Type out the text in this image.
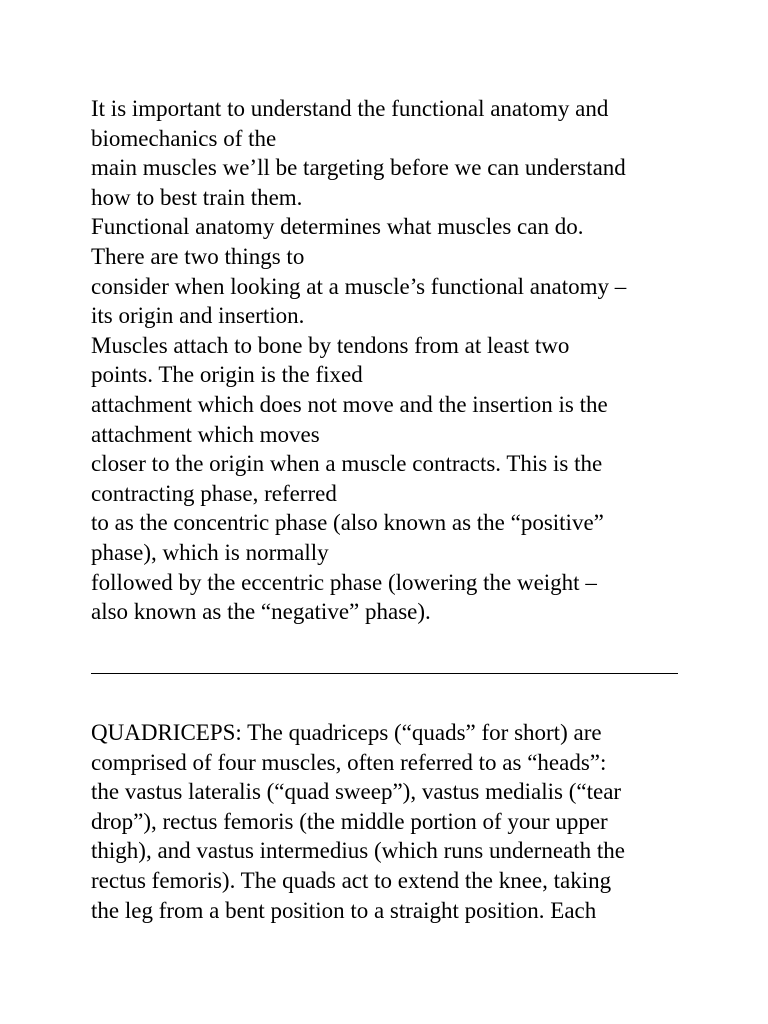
It is important to understand the functional anatomy and
biomechanics of the
main muscles we’ll be targeting before we can understand
how to best train them.
Functional anatomy determines what muscles can do.
There are two things to
consider when looking at a muscle’s functional anatomy –
its origin and insertion.
Muscles attach to bone by tendons from at least two
points. The origin is the fixed
attachment which does not move and the insertion is the
attachment which moves
closer to the origin when a muscle contracts. This is the
contracting phase, referred
to as the concentric phase (also known as the “positive”
phase), which is normally
followed by the eccentric phase (lowering the weight –
also known as the “negative” phase).
QUADRICEPS: The quadriceps (“quads” for short) are
comprised of four muscles, often referred to as “heads”:
the vastus lateralis (“quad sweep”), vastus medialis (“tear
drop”), rectus femoris (the middle portion of your upper
thigh), and vastus intermedius (which runs underneath the
rectus femoris). The quads act to extend the knee, taking
the leg from a bent position to a straight position. Each
